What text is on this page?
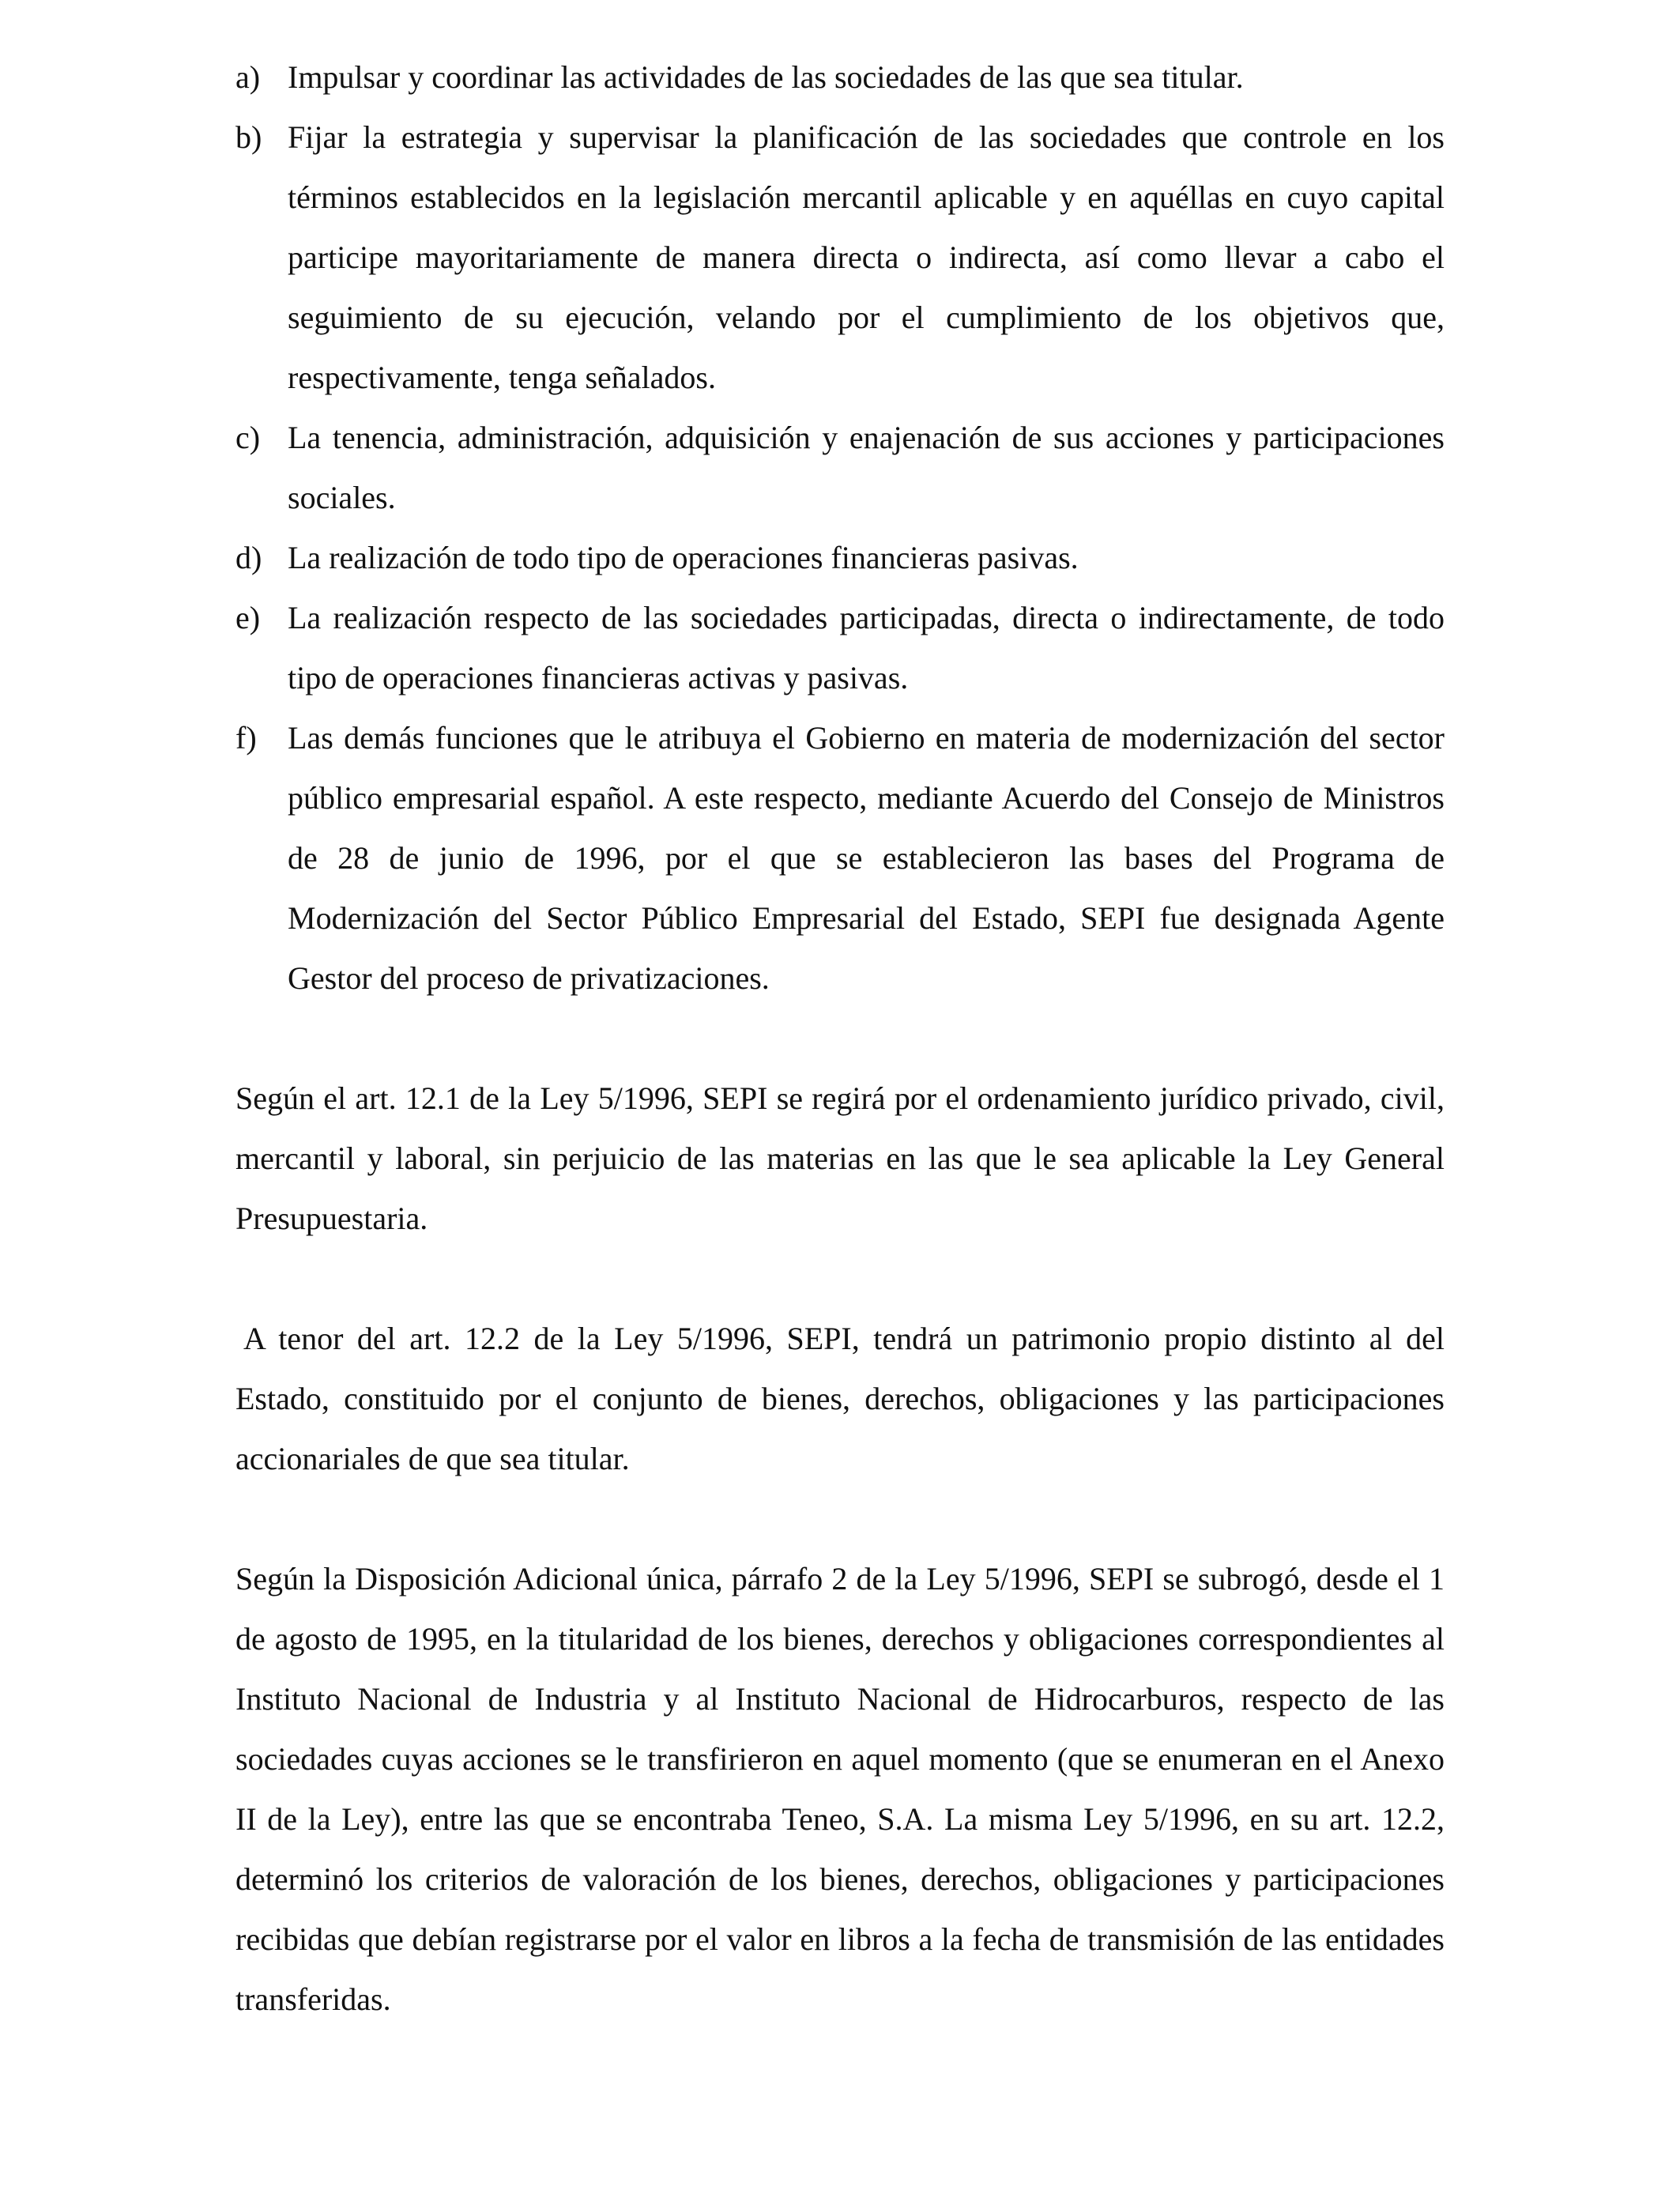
a) Impulsar y coordinar las actividades de las sociedades de las que sea titular.
b) Fijar la estrategia y supervisar la planificación de las sociedades que controle en los términos establecidos en la legislación mercantil aplicable y en aquéllas en cuyo capital participe mayoritariamente de manera directa o indirecta, así como llevar a cabo el seguimiento de su ejecución, velando por el cumplimiento de los objetivos que, respectivamente, tenga señalados.
c) La tenencia, administración, adquisición y enajenación de sus acciones y participaciones sociales.
d) La realización de todo tipo de operaciones financieras pasivas.
e) La realización respecto de las sociedades participadas, directa o indirectamente, de todo tipo de operaciones financieras activas y pasivas.
f) Las demás funciones que le atribuya el Gobierno en materia de modernización del sector público empresarial español. A este respecto, mediante Acuerdo del Consejo de Ministros de 28 de junio de 1996, por el que se establecieron las bases del Programa de Modernización del Sector Público Empresarial del Estado, SEPI fue designada Agente Gestor del proceso de privatizaciones.

Según el art. 12.1 de la Ley 5/1996, SEPI se regirá por el ordenamiento jurídico privado, civil, mercantil y laboral, sin perjuicio de las materias en las que le sea aplicable la Ley General Presupuestaria.

A tenor del art. 12.2 de la Ley 5/1996, SEPI, tendrá un patrimonio propio distinto al del Estado, constituido por el conjunto de bienes, derechos, obligaciones y las participaciones accionariales de que sea titular.

Según la Disposición Adicional única, párrafo 2 de la Ley 5/1996, SEPI se subrogó, desde el 1 de agosto de 1995, en la titularidad de los bienes, derechos y obligaciones correspondientes al Instituto Nacional de Industria y al Instituto Nacional de Hidrocarburos, respecto de las sociedades cuyas acciones se le transfirieron en aquel momento (que se enumeran en el Anexo II de la Ley), entre las que se encontraba Teneo, S.A. La misma Ley 5/1996, en su art. 12.2, determinó los criterios de valoración de los bienes, derechos, obligaciones y participaciones recibidas que debían registrarse por el valor en libros a la fecha de transmisión de las entidades transferidas.
